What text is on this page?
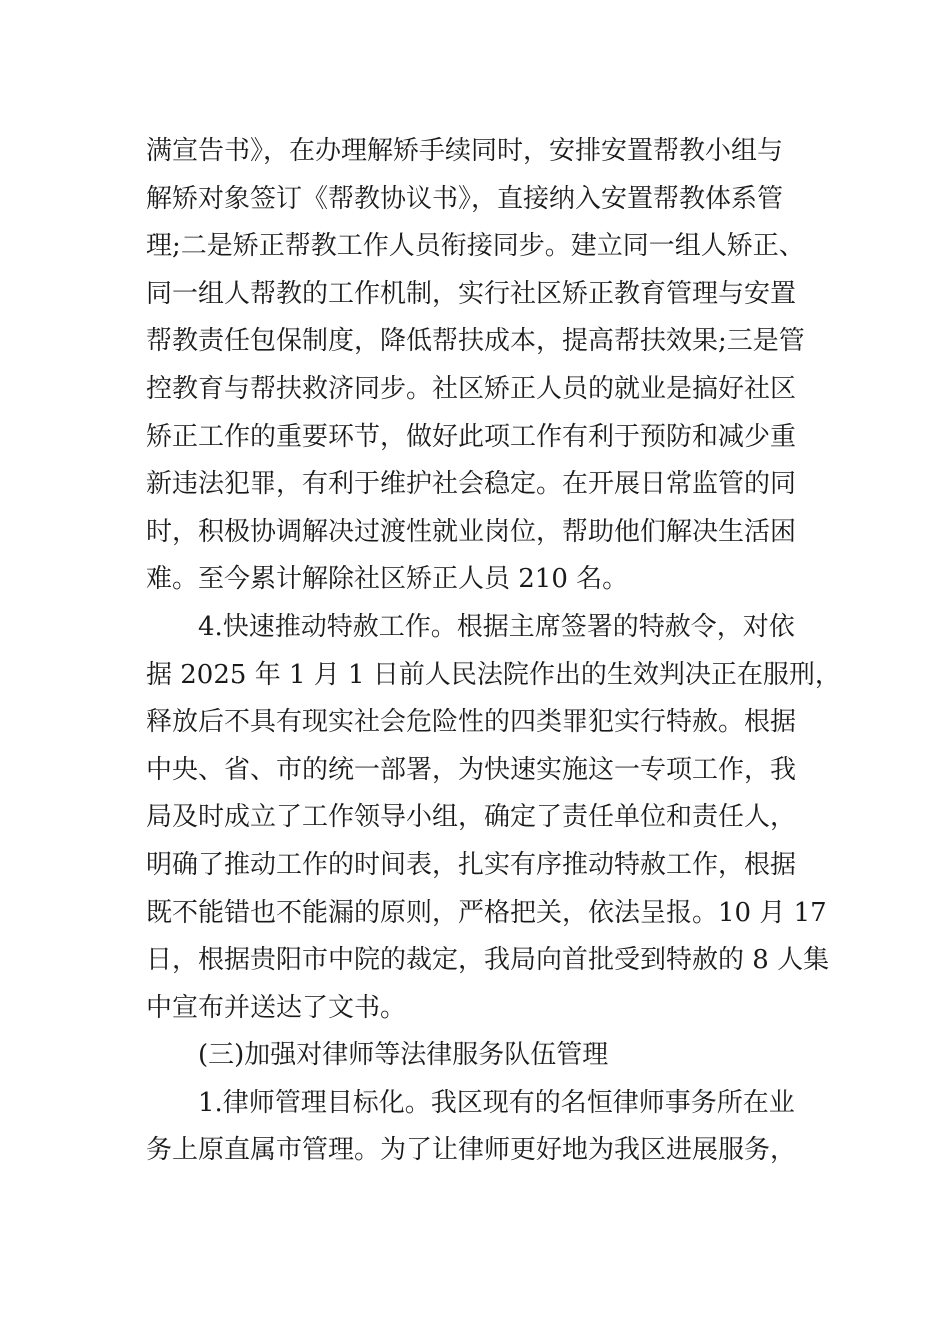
满宣告书》，在办理解矫手续同时，安排安置帮教小组与
解矫对象签订《帮教协议书》，直接纳入安置帮教体系管
理;二是矫正帮教工作人员衔接同步。建立同一组人矫正、
同一组人帮教的工作机制，实行社区矫正教育管理与安置
帮教责任包保制度，降低帮扶成本，提高帮扶效果;三是管
控教育与帮扶救济同步。社区矫正人员的就业是搞好社区
矫正工作的重要环节，做好此项工作有利于预防和减少重
新违法犯罪，有利于维护社会稳定。在开展日常监管的同
时，积极协调解决过渡性就业岗位，帮助他们解决生活困
难。至今累计解除社区矫正人员 210 名。
4.快速推动特赦工作。根据主席签署的特赦令，对依
据 2025 年 1 月 1 日前人民法院作出的生效判决正在服刑，
释放后不具有现实社会危险性的四类罪犯实行特赦。根据
中央、省、市的统一部署，为快速实施这一专项工作，我
局及时成立了工作领导小组，确定了责任单位和责任人，
明确了推动工作的时间表，扎实有序推动特赦工作，根据
既不能错也不能漏的原则，严格把关，依法呈报。10 月 17
日，根据贵阳市中院的裁定，我局向首批受到特赦的 8 人集
中宣布并送达了文书。
(三)加强对律师等法律服务队伍管理
1.律师管理目标化。我区现有的名恒律师事务所在业
务上原直属市管理。为了让律师更好地为我区进展服务，
